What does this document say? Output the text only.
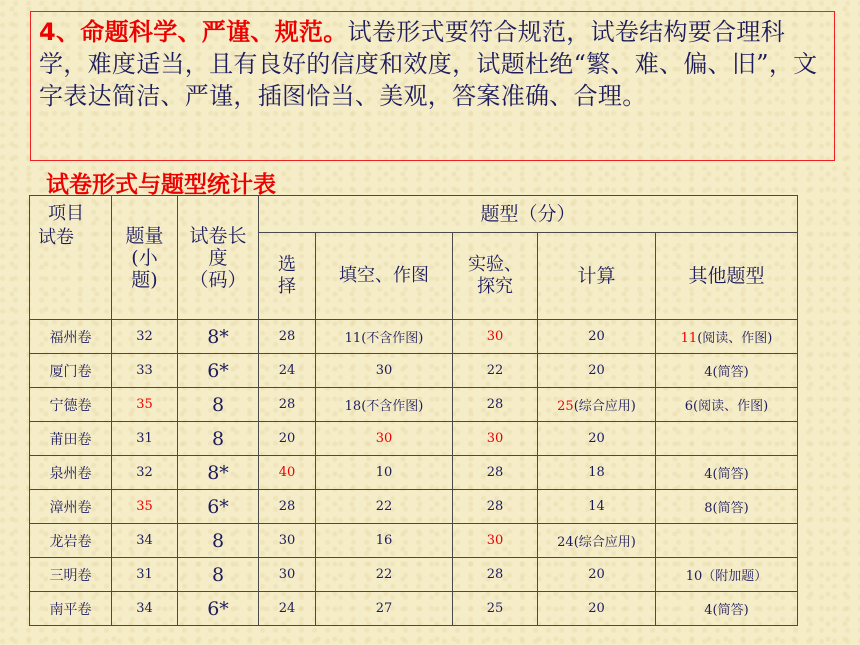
4、命题科学、严谨、规范。试卷形式要符合规范，试卷结构要合理科学，难度适当，且有良好的信度和效度，试题杜绝“繁、难、偏、旧”，文字表达简洁、严谨，插图恰当、美观，答案准确、合理。
试卷形式与题型统计表
项目
试卷	题量(小题)	试卷长度（码）	题型（分）				

			选择	填空、作图	实验、探究	计算	其他题型
福州卷	32	8*	28	11(不含作图)	30	20	11(阅读、作图)
厦门卷	33	6*	24	30	22	20	4(简答)
宁德卷	35	8	28	18(不含作图)	28	25(综合应用)	6(阅读、作图)
莆田卷	31	8	20	30	30	20	
泉州卷	32	8*	40	10	28	18	4(简答)
漳州卷	35	6*	28	22	28	14	8(简答)
龙岩卷	34	8	30	16	30	24(综合应用)	
三明卷	31	8	30	22	28	20	10（附加题）
南平卷	34	6*	24	27	25	20	4(简答)
